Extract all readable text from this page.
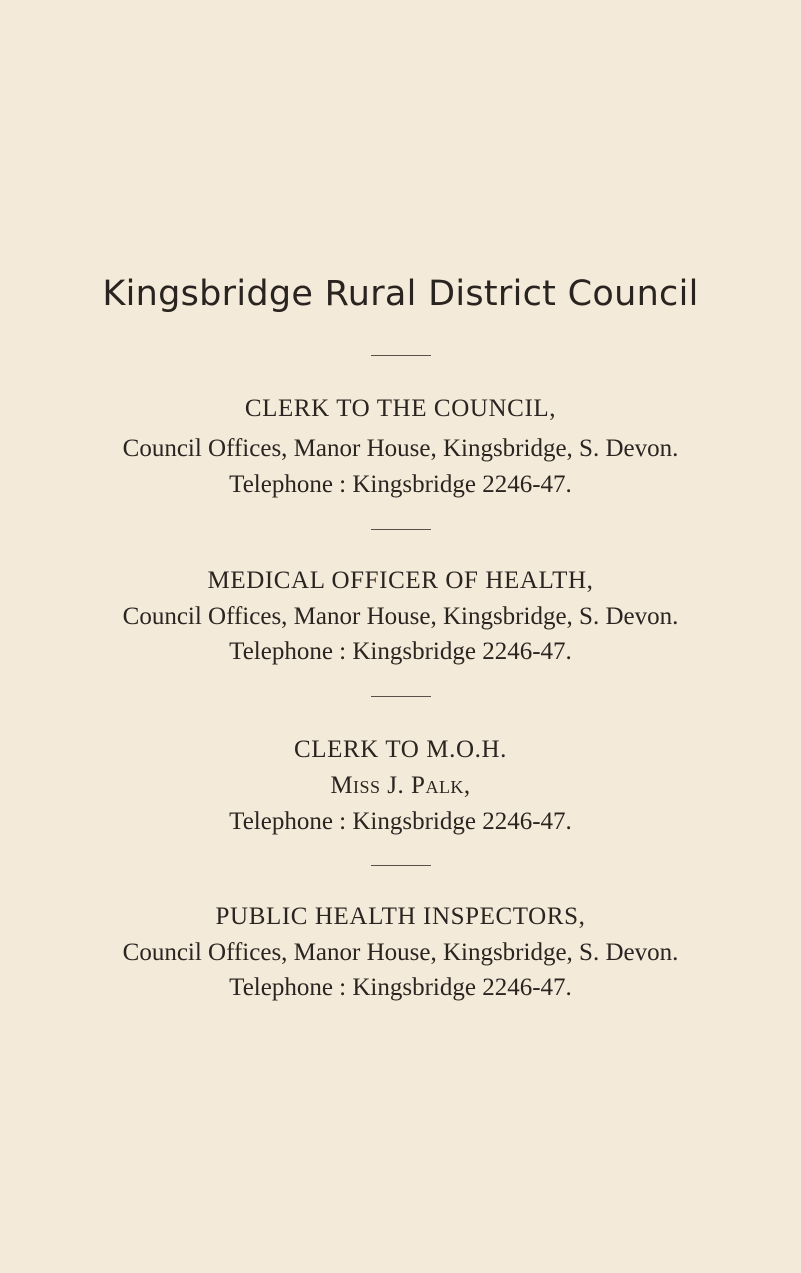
Kingsbridge Rural District Council
CLERK TO THE COUNCIL,
Council Offices, Manor House, Kingsbridge, S. Devon.
Telephone : Kingsbridge 2246-47.
MEDICAL OFFICER OF HEALTH,
Council Offices, Manor House, Kingsbridge, S. Devon.
Telephone : Kingsbridge 2246-47.
CLERK TO M.O.H.
Miss J. Palk,
Telephone : Kingsbridge 2246-47.
PUBLIC HEALTH INSPECTORS,
Council Offices, Manor House, Kingsbridge, S. Devon.
Telephone : Kingsbridge 2246-47.
